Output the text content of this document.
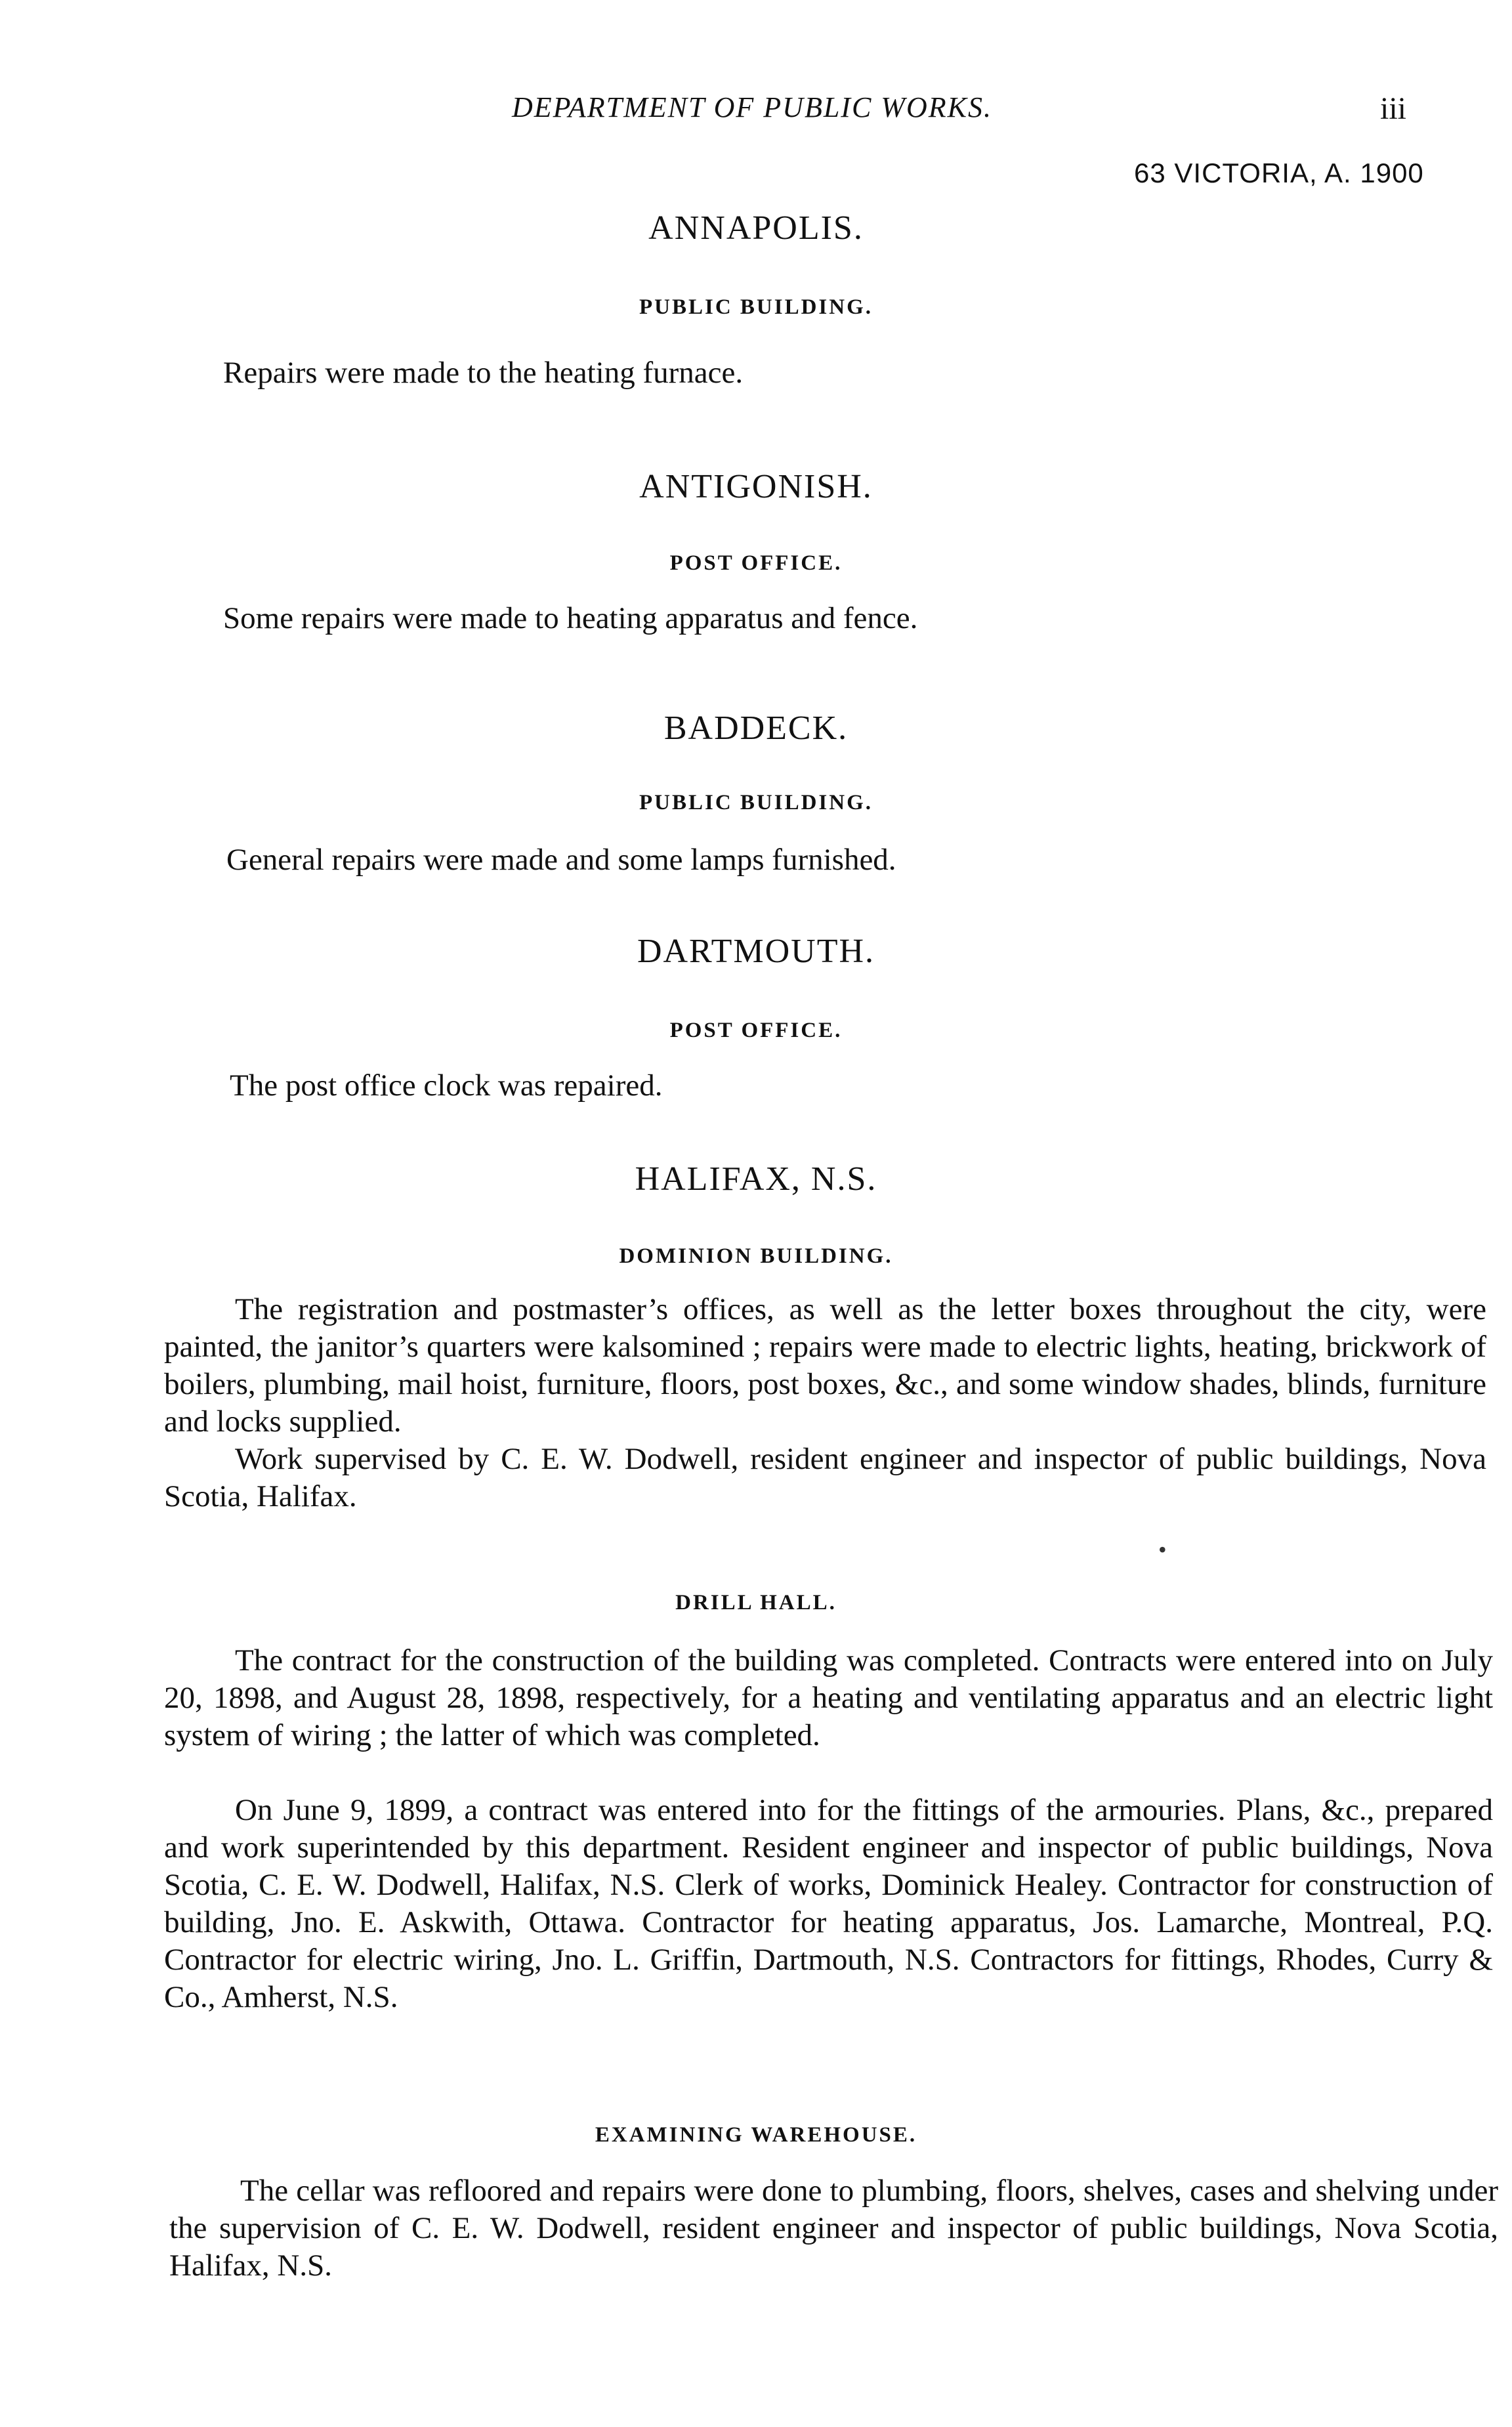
DEPARTMENT OF PUBLIC WORKS.	iii
63 VICTORIA, A. 1900
ANNAPOLIS.
PUBLIC BUILDING.
Repairs were made to the heating furnace.
ANTIGONISH.
POST OFFICE.
Some repairs were made to heating apparatus and fence.
BADDECK.
PUBLIC BUILDING.
General repairs were made and some lamps furnished.
DARTMOUTH.
POST OFFICE.
The post office clock was repaired.
HALIFAX, N.S.
DOMINION BUILDING.
The registration and postmaster’s offices, as well as the letter boxes throughout the city, were painted, the janitor’s quarters were kalsomined ; repairs were made to electric lights, heating, brickwork of boilers, plumbing, mail hoist, furniture, floors, post boxes, &c., and some window shades, blinds, furniture and locks supplied.
Work supervised by C. E. W. Dodwell, resident engineer and inspector of public buildings, Nova Scotia, Halifax.
•
DRILL HALL.
The contract for the construction of the building was completed. Contracts were entered into on July 20, 1898, and August 28, 1898, respectively, for a heating and ventilating apparatus and an electric light system of wiring ; the latter of which was completed.
On June 9, 1899, a contract was entered into for the fittings of the armouries. Plans, &c., prepared and work superintended by this department. Resident engineer and inspector of public buildings, Nova Scotia, C. E. W. Dodwell, Halifax, N.S. Clerk of works, Dominick Healey. Contractor for construction of building, Jno. E. Askwith, Ottawa. Contractor for heating apparatus, Jos. Lamarche, Montreal, P.Q. Contractor for electric wiring, Jno. L. Griffin, Dartmouth, N.S. Contractors for fittings, Rhodes, Curry & Co., Amherst, N.S.
EXAMINING WAREHOUSE.
The cellar was refloored and repairs were done to plumbing, floors, shelves, cases and shelving under the supervision of C. E. W. Dodwell, resident engineer and inspector of public buildings, Nova Scotia, Halifax, N.S.
